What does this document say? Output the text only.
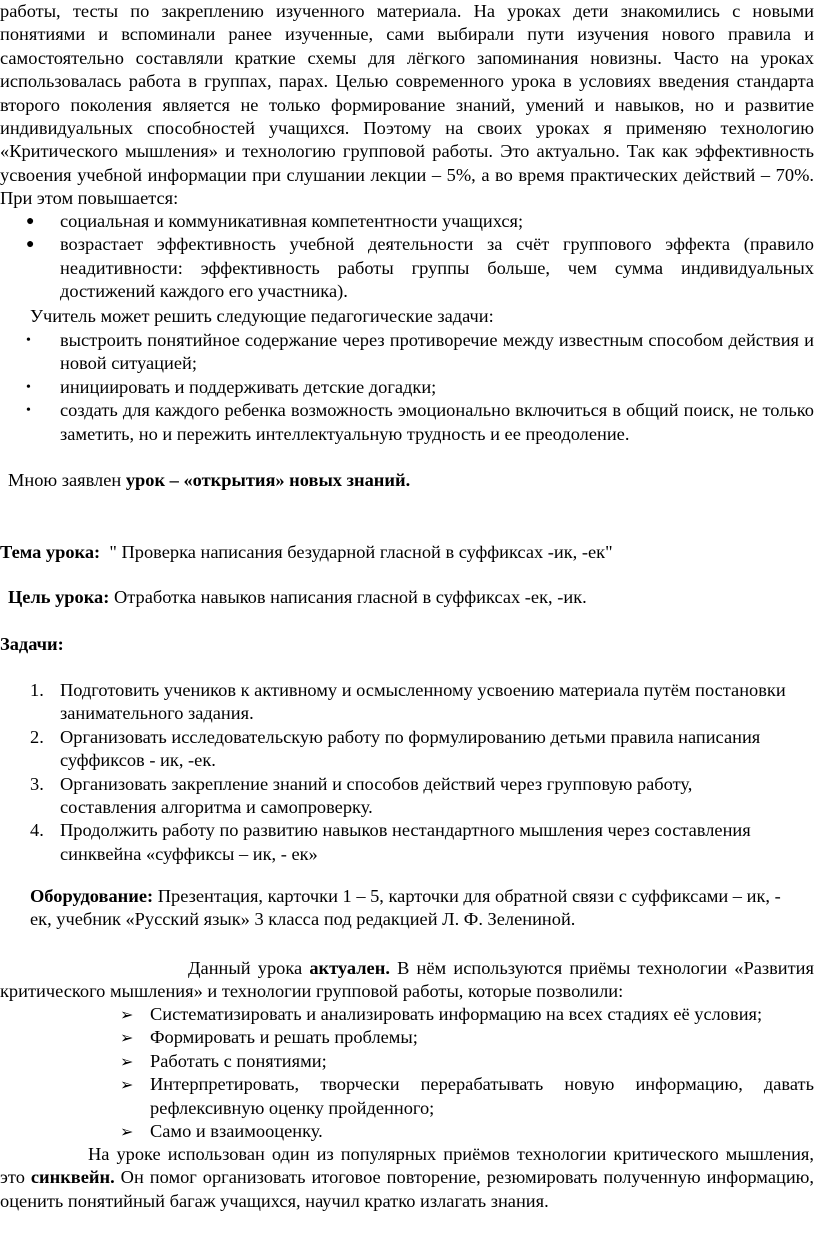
работы, тесты по закреплению изученного материала. На уроках дети знакомились с новыми понятиями и вспоминали ранее изученные, сами выбирали пути изучения нового правила и самостоятельно составляли краткие схемы для лёгкого запоминания новизны. Часто на уроках использовалась работа в группах, парах. Целью современного урока в условиях введения стандарта второго поколения является не только формирование знаний, умений и навыков, но и развитие индивидуальных способностей учащихся. Поэтому на своих уроках я применяю технологию «Критического мышления» и технологию групповой работы. Это актуально. Так как эффективность усвоения учебной информации при слушании лекции – 5%, а во время практических действий – 70%. При этом повышается:

● социальная и коммуникативная компетентности учащихся;
● возрастает эффективность учебной деятельности за счёт группового эффекта (правило неадитивности: эффективность работы группы больше, чем сумма индивидуальных достижений каждого его участника).

Учитель может решить следующие педагогические задачи:

• выстроить понятийное содержание через противоречие между известным способом действия и новой ситуацией;
• инициировать и поддерживать детские догадки;
• создать для каждого ребенка возможность эмоционально включиться в общий поиск, не только заметить, но и пережить интеллектуальную трудность и ее преодоление.

Мною заявлен урок – «открытия» новых знаний.

Тема урока: " Проверка написания безударной гласной в суффиксах -ик, -ек"

Цель урока: Отработка навыков написания гласной в суффиксах -ек, -ик.

Задачи:

1. Подготовить учеников к активному и осмысленному усвоению материала путём постановки занимательного задания.
2. Организовать исследовательскую работу по формулированию детьми правила написания суффиксов - ик, -ек.
3. Организовать закрепление знаний и способов действий через групповую работу, составления алгоритма и самопроверку.
4. Продолжить работу по развитию навыков нестандартного мышления через составления синквейна «суффиксы – ик, - ек»

Оборудование: Презентация, карточки 1 – 5, карточки для обратной связи с суффиксами – ик, - ек, учебник «Русский язык» 3 класса под редакцией Л. Ф. Зелениной.

Данный урока актуален. В нём используются приёмы технологии «Развития критического мышления» и технологии групповой работы, которые позволили:

➢ Систематизировать и анализировать информацию на всех стадиях её условия;
➢ Формировать и решать проблемы;
➢ Работать с понятиями;
➢ Интерпретировать, творчески перерабатывать новую информацию, давать рефлексивную оценку пройденного;
➢ Само и взаимооценку.

На уроке использован один из популярных приёмов технологии критического мышления, это синквейн. Он помог организовать итоговое повторение, резюмировать полученную информацию, оценить понятийный багаж учащихся, научил кратко излагать знания.
